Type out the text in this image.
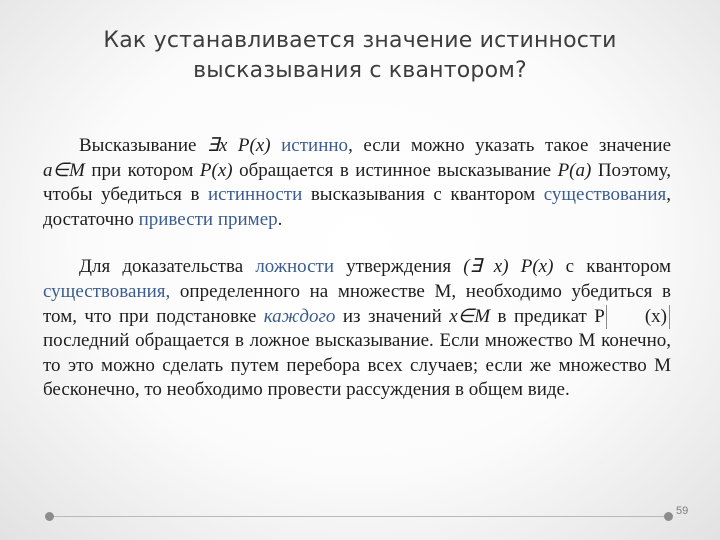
Как устанавливается значение истинности
высказывания с квантором?

Высказывание ∃x P(x) истинно, если можно указать такое значение a∈M при котором P(x) обращается в истинное высказывание P(a) Поэтому, чтобы убедиться в истинности высказывания с квантором существования, достаточно привести пример.

Для доказательства ложности утверждения (∃ x) P(x) с квантором существования, определенного на множестве М, необходимо убедиться в том, что при подстановке каждого из значений x∈М в предикат Р (x) последний обращается в ложное высказывание. Если множество М конечно, то это можно сделать путем перебора всех случаев; если же множество М бесконечно, то необходимо провести рассуждения в общем виде.

59
